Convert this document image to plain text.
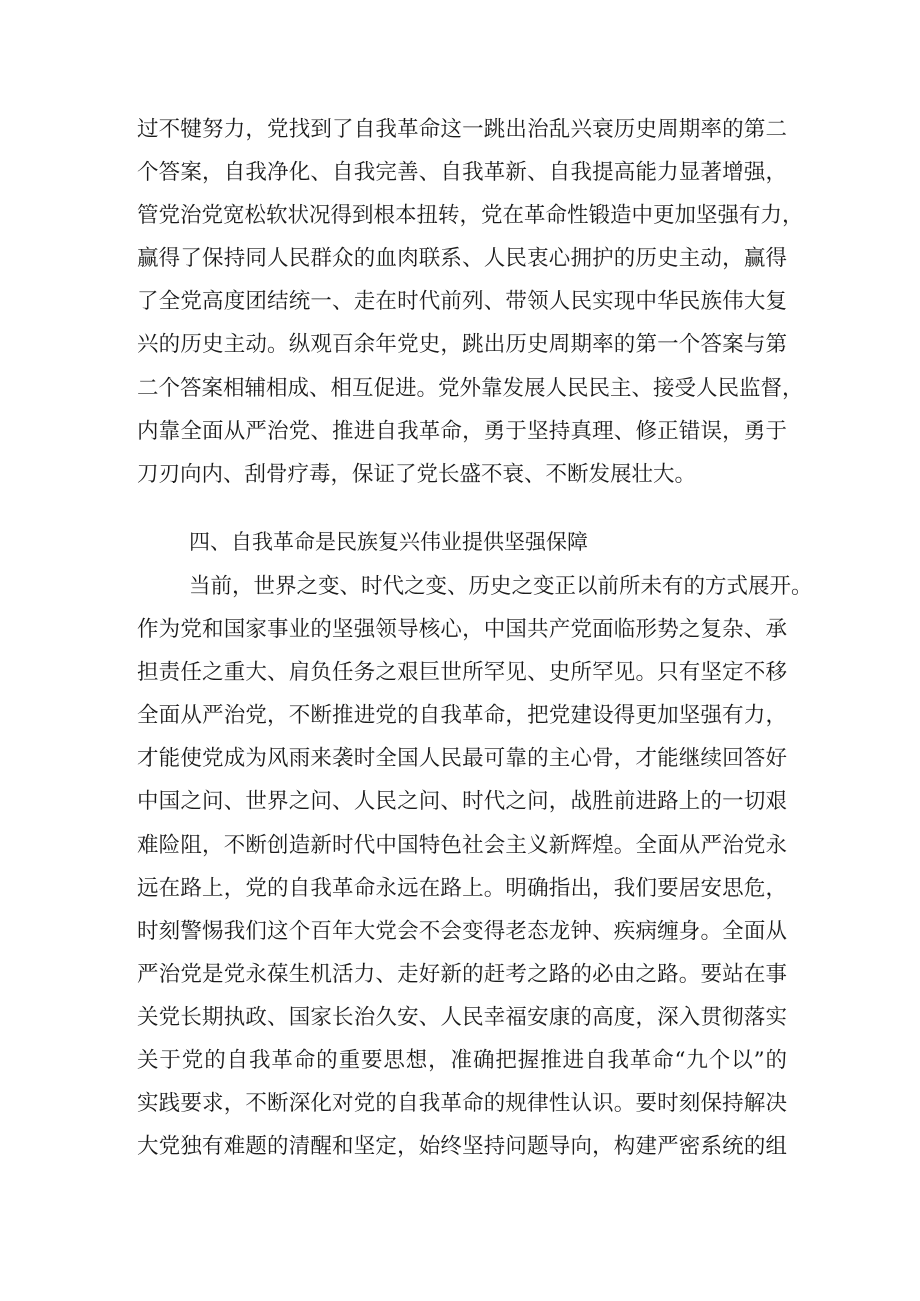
过不犍努力，党找到了自我革命这一跳出治乱兴衰历史周期率的第二
个答案，自我净化、自我完善、自我革新、自我提高能力显著增强，
管党治党宽松软状况得到根本扭转，党在革命性锻造中更加坚强有力，
赢得了保持同人民群众的血肉联系、人民衷心拥护的历史主动，赢得
了全党高度团结统一、走在时代前列、带领人民实现中华民族伟大复
兴的历史主动。纵观百余年党史，跳出历史周期率的第一个答案与第
二个答案相辅相成、相互促进。党外靠发展人民民主、接受人民监督，
内靠全面从严治党、推进自我革命，勇于坚持真理、修正错误，勇于
刀刃向内、刮骨疗毒，保证了党长盛不衰、不断发展壮大。
四、自我革命是民族复兴伟业提供坚强保障
当前，世界之变、时代之变、历史之变正以前所未有的方式展开。
作为党和国家事业的坚强领导核心，中国共产党面临形势之复杂、承
担责任之重大、肩负任务之艰巨世所罕见、史所罕见。只有坚定不移
全面从严治党，不断推进党的自我革命，把党建设得更加坚强有力，
才能使党成为风雨来袭时全国人民最可靠的主心骨，才能继续回答好
中国之问、世界之问、人民之问、时代之问，战胜前进路上的一切艰
难险阻，不断创造新时代中国特色社会主义新辉煌。全面从严治党永
远在路上，党的自我革命永远在路上。明确指出，我们要居安思危，
时刻警惕我们这个百年大党会不会变得老态龙钟、疾病缠身。全面从
严治党是党永葆生机活力、走好新的赶考之路的必由之路。要站在事
关党长期执政、国家长治久安、人民幸福安康的高度，深入贯彻落实
关于党的自我革命的重要思想，准确把握推进自我革命“九个以”的
实践要求，不断深化对党的自我革命的规律性认识。要时刻保持解决
大党独有难题的清醒和坚定，始终坚持问题导向，构建严密系统的组
